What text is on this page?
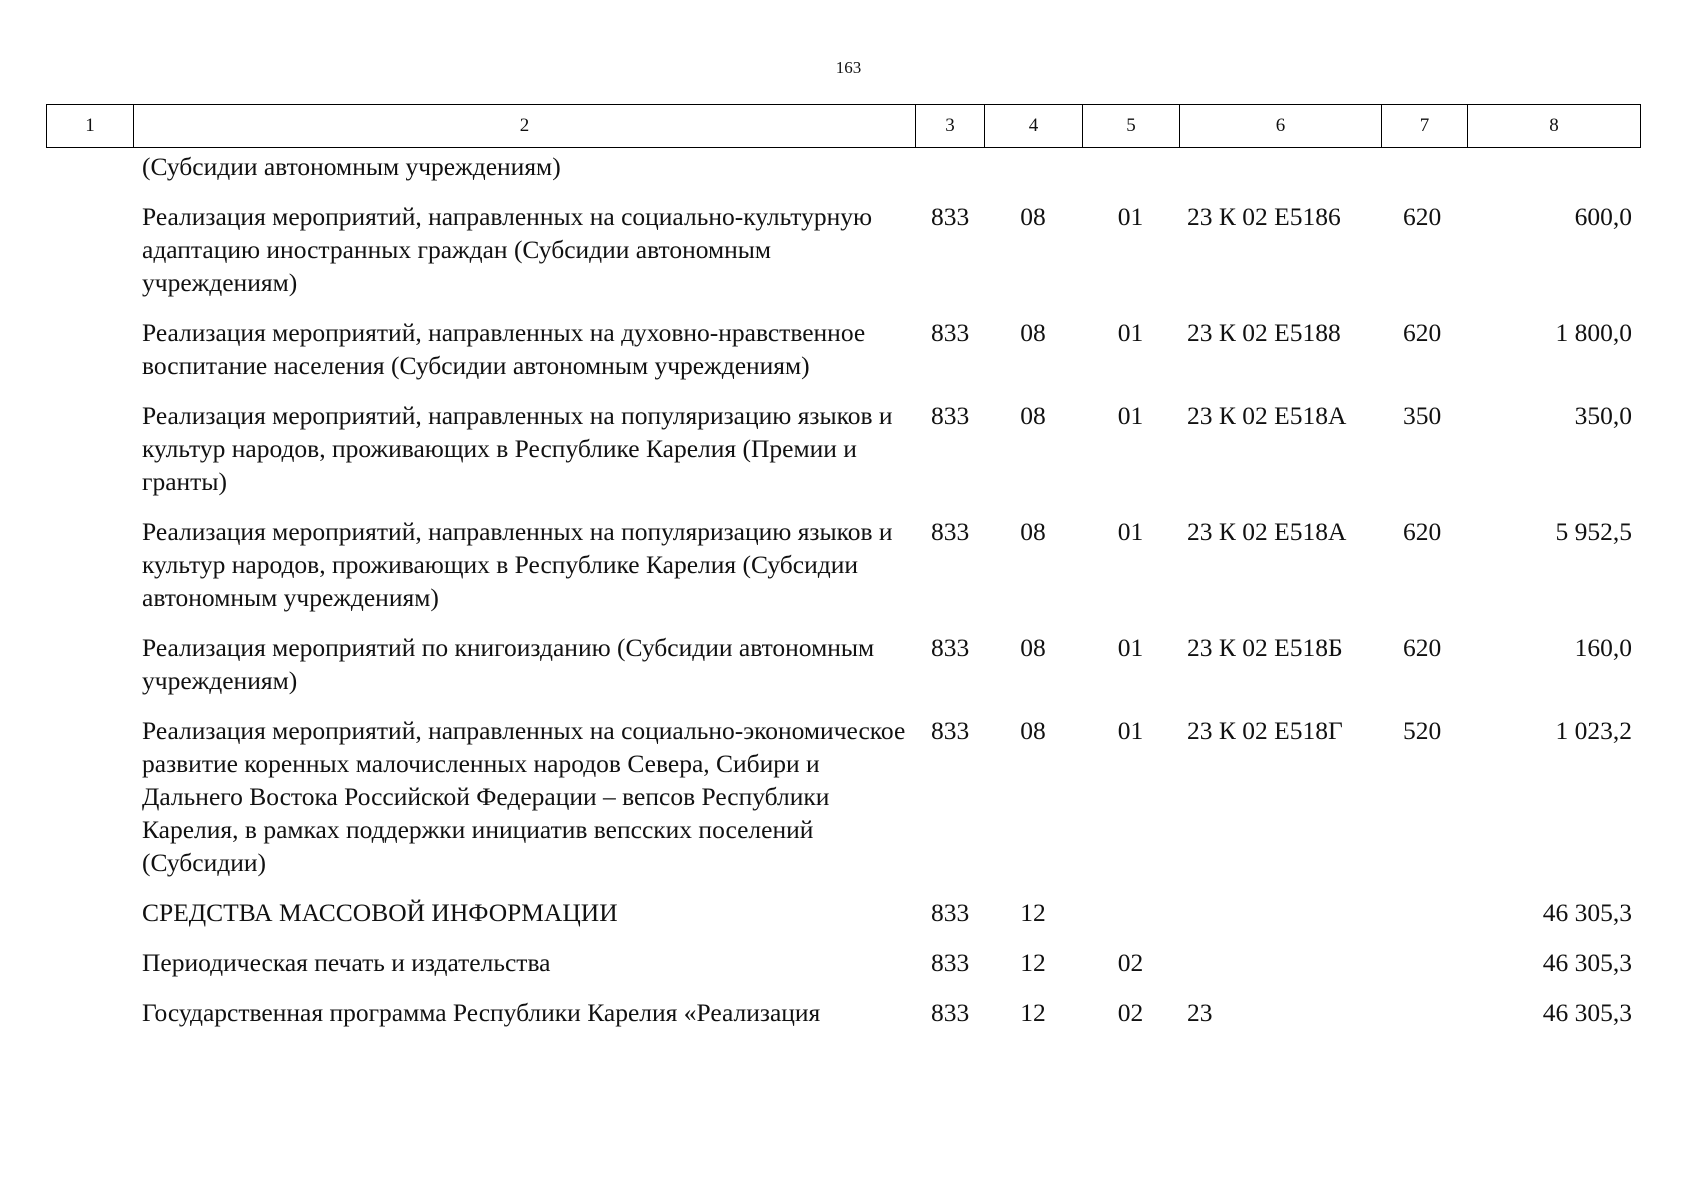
163
1	2	3	4	5	6	7	8
(Субсидии автономным учреждениям)						
Реализация мероприятий, направленных на социально-культурную адаптацию иностранных граждан (Субсидии автономным учреждениям)	833	08	01	23 К 02 Е5186	620	600,0
Реализация мероприятий, направленных на духовно-нравственное воспитание населения (Субсидии автономным учреждениям)	833	08	01	23 К 02 Е5188	620	1 800,0
Реализация мероприятий, направленных на популяризацию языков и культур народов, проживающих в Республике Карелия (Премии и гранты)	833	08	01	23 К 02 Е518А	350	350,0
Реализация мероприятий, направленных на популяризацию языков и культур народов, проживающих в Республике Карелия (Субсидии автономным учреждениям)	833	08	01	23 К 02 Е518А	620	5 952,5
Реализация мероприятий по книгоизданию (Субсидии автономным учреждениям)	833	08	01	23 К 02 Е518Б	620	160,0
Реализация мероприятий, направленных на социально-экономическое развитие коренных малочисленных народов Севера, Сибири и Дальнего Востока Российской Федерации – вепсов Республики Карелия, в рамках поддержки инициатив вепсских поселений (Субсидии)	833	08	01	23 К 02 Е518Г	520	1 023,2
СРЕДСТВА МАССОВОЙ ИНФОРМАЦИИ	833	12				46 305,3
Периодическая печать и издательства	833	12	02			46 305,3
Государственная программа Республики Карелия «Реализация	833	12	02	23		46 305,3
